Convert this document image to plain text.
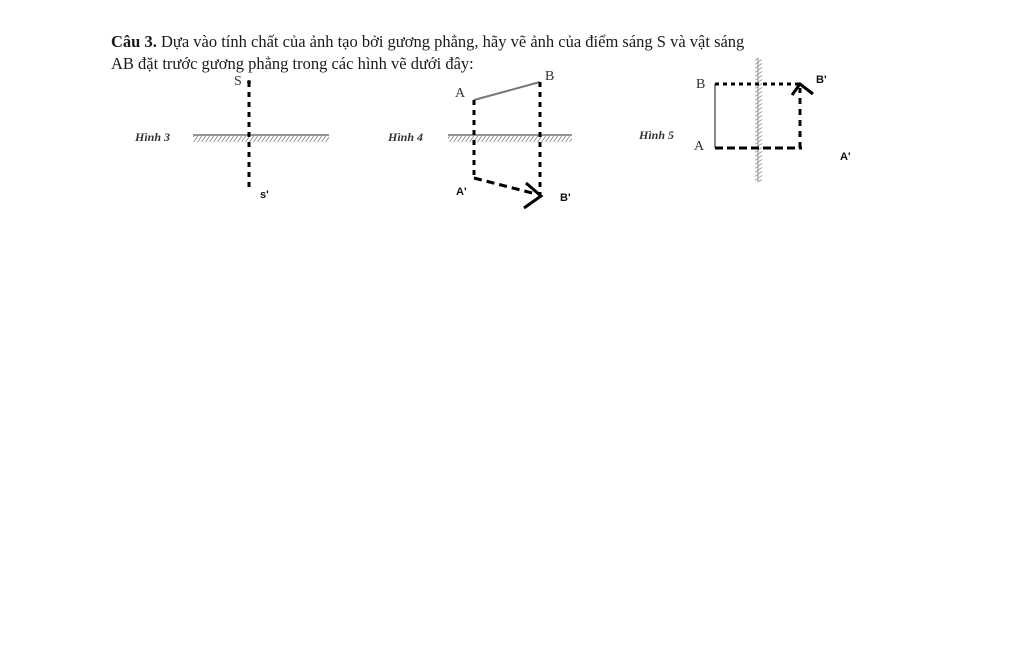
Câu 3. Dựa vào tính chất của ảnh tạo bởi gương phẳng, hãy vẽ ảnh của điểm sáng S và vật sáng
AB đặt trước gương phẳng trong các hình vẽ dưới đây:
Hình 3
S
s'
Hình 4
A
B
A'	B'
Hình 5
B
A
B'
A'
